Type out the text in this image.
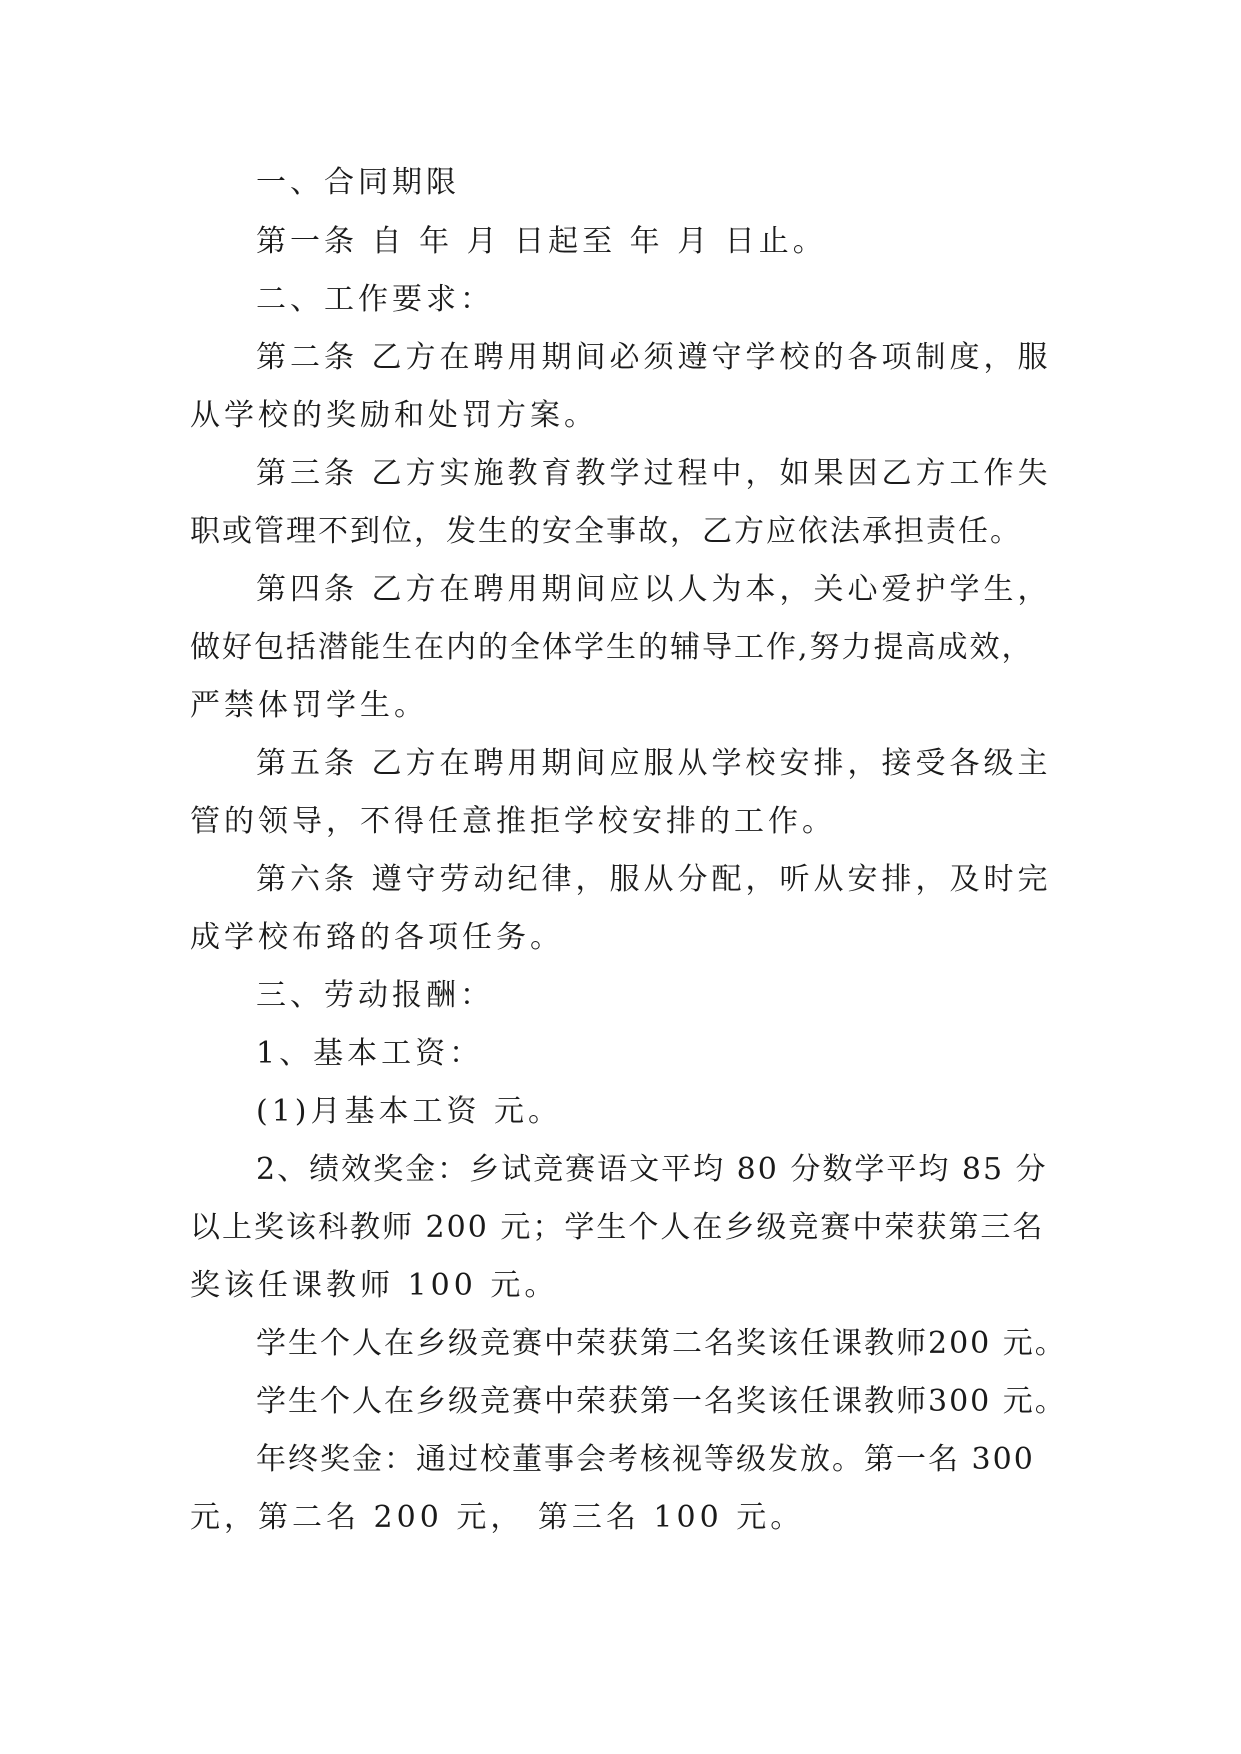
一、合同期限

第一条 自 年 月 日起至 年 月 日止。

二、工作要求：

第二条 乙方在聘用期间必须遵守学校的各项制度，服

从学校的奖励和处罚方案。

第三条 乙方实施教育教学过程中，如果因乙方工作失

职或管理不到位，发生的安全事故，乙方应依法承担责任。

第四条 乙方在聘用期间应以人为本，关心爱护学生，

做好包括潜能生在内的全体学生的辅导工作,努力提高成效，

严禁体罚学生。

第五条 乙方在聘用期间应服从学校安排，接受各级主

管的领导，不得任意推拒学校安排的工作。

第六条 遵守劳动纪律，服从分配，听从安排，及时完

成学校布臵的各项任务。

三、劳动报酬：

1、基本工资：

(1)月基本工资 元。

2、绩效奖金：乡试竞赛语文平均 80 分数学平均 85 分

以上奖该科教师 200 元；学生个人在乡级竞赛中荣获第三名

奖该任课教师 100 元。

学生个人在乡级竞赛中荣获第二名奖该任课教师200 元。

学生个人在乡级竞赛中荣获第一名奖该任课教师300 元。

年终奖金：通过校董事会考核视等级发放。第一名 300

元，第二名 200 元， 第三名 100 元。
